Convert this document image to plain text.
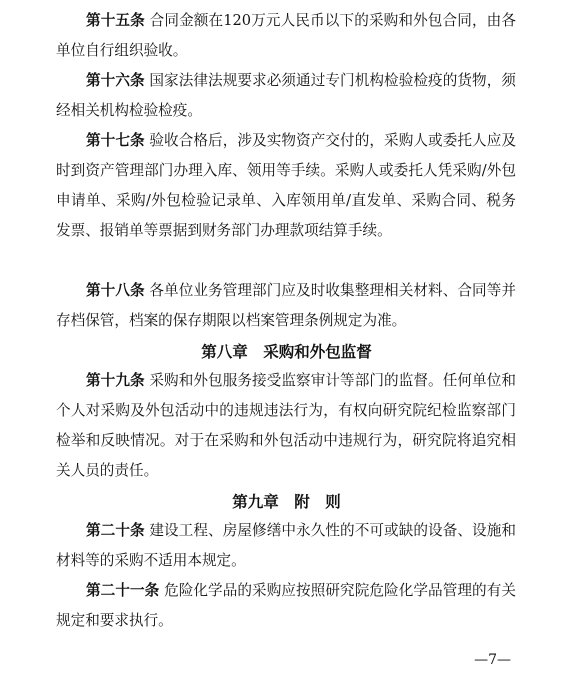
第十五条 合同金额在120万元人民币以下的采购和外包合同，由各单位自行组织验收。

第十六条 国家法律法规要求必须通过专门机构检验检疫的货物，须经相关机构检验检疫。

第十七条 验收合格后，涉及实物资产交付的，采购人或委托人应及时到资产管理部门办理入库、领用等手续。采购人或委托人凭采购/外包申请单、采购/外包检验记录单、入库领用单/直发单、采购合同、税务发票、报销单等票据到财务部门办理款项结算手续。

第十八条 各单位业务管理部门应及时收集整理相关材料、合同等并存档保管，档案的保存期限以档案管理条例规定为准。

第八章　采购和外包监督

第十九条 采购和外包服务接受监察审计等部门的监督。任何单位和个人对采购及外包活动中的违规违法行为，有权向研究院纪检监察部门检举和反映情况。对于在采购和外包活动中违规行为，研究院将追究相关人员的责任。

第九章　附　则

第二十条 建设工程、房屋修缮中永久性的不可或缺的设备、设施和材料等的采购不适用本规定。

第二十一条 危险化学品的采购应按照研究院危险化学品管理的有关规定和要求执行。

—7—
